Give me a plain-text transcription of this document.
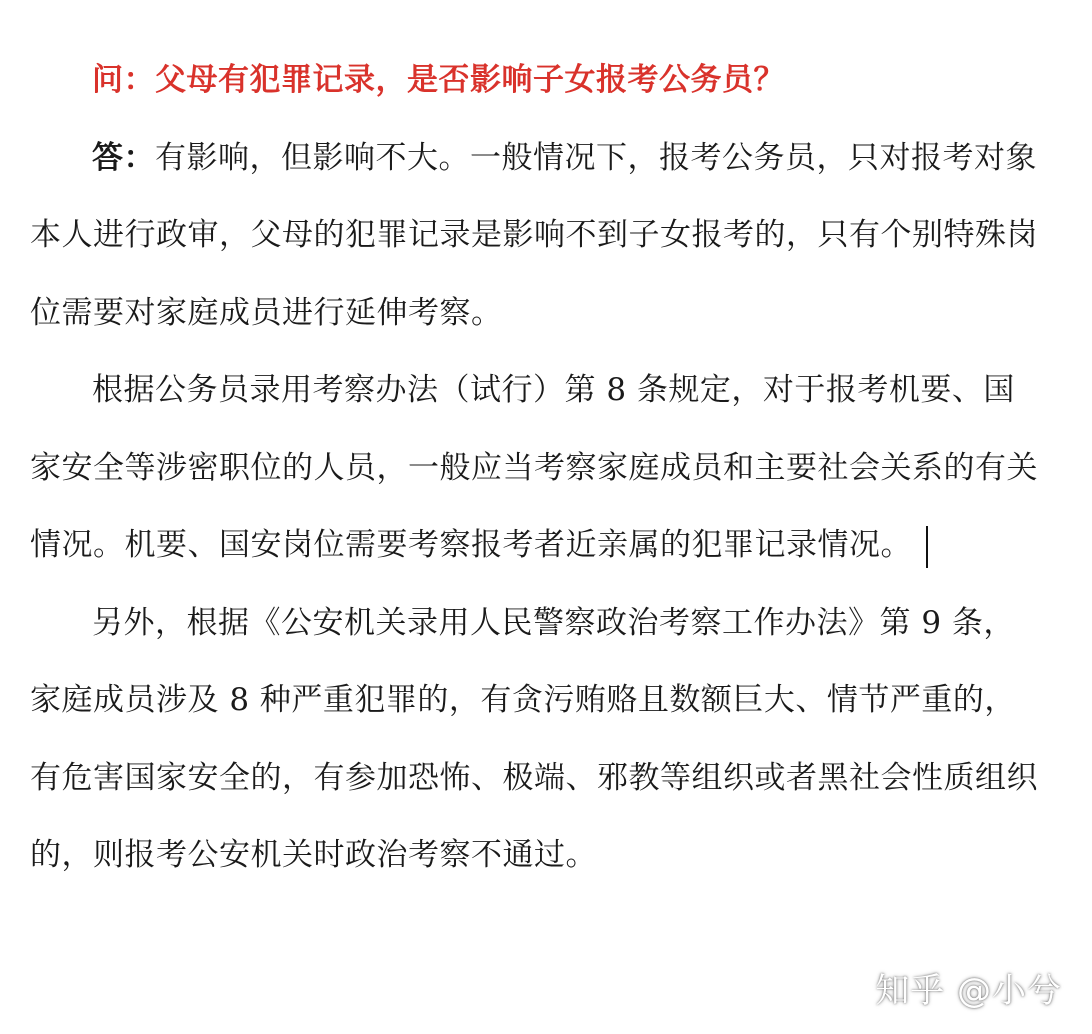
问：父母有犯罪记录，是否影响子女报考公务员？

答：有影响，但影响不大。一般情况下，报考公务员，只对报考对象本人进行政审，父母的犯罪记录是影响不到子女报考的，只有个别特殊岗位需要对家庭成员进行延伸考察。

根据公务员录用考察办法（试行）第 8 条规定，对于报考机要、国家安全等涉密职位的人员，一般应当考察家庭成员和主要社会关系的有关情况。机要、国安岗位需要考察报考者近亲属的犯罪记录情况。

另外，根据《公安机关录用人民警察政治考察工作办法》第 9 条，家庭成员涉及 8 种严重犯罪的，有贪污贿赂且数额巨大、情节严重的，有危害国家安全的，有参加恐怖、极端、邪教等组织或者黑社会性质组织的，则报考公安机关时政治考察不通过。

知乎 @小兮
